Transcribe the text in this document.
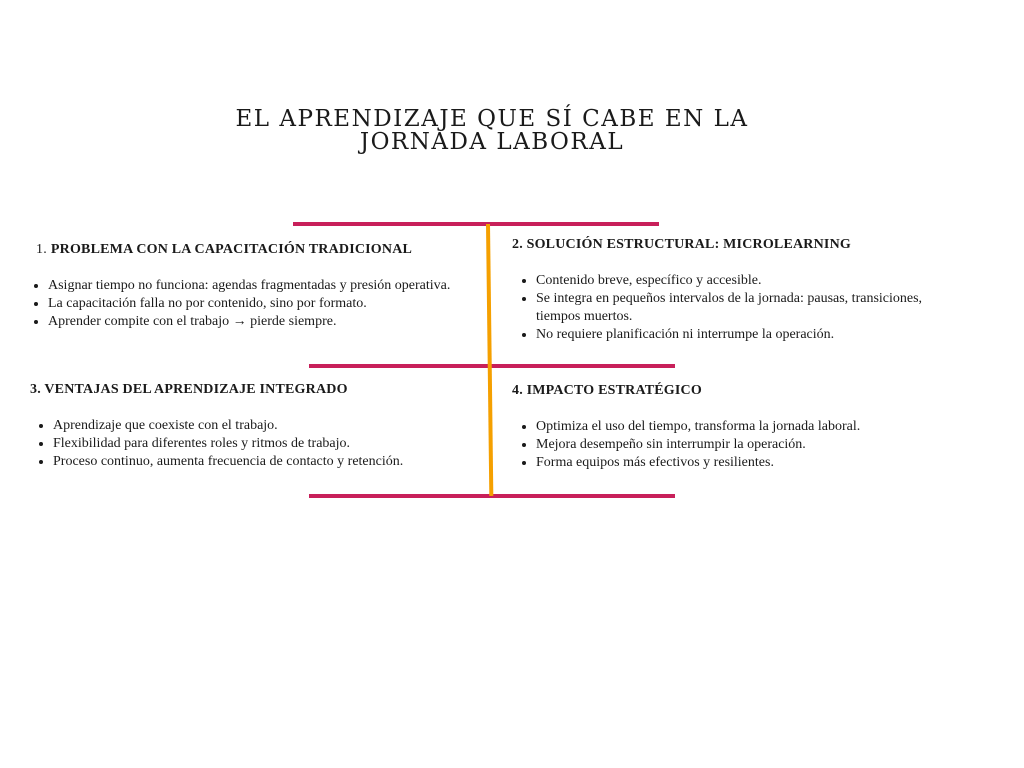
EL APRENDIZAJE QUE SÍ CABE EN LA
JORNADA LABORAL
1. PROBLEMA CON LA CAPACITACIÓN TRADICIONAL
• Asignar tiempo no funciona: agendas fragmentadas y presión operativa.
• La capacitación falla no por contenido, sino por formato.
• Aprender compite con el trabajo → pierde siempre.
2. SOLUCIÓN ESTRUCTURAL: MICROLEARNING
• Contenido breve, específico y accesible.
• Se integra en pequeños intervalos de la jornada: pausas, transiciones, tiempos muertos.
• No requiere planificación ni interrumpe la operación.
3. VENTAJAS DEL APRENDIZAJE INTEGRADO
• Aprendizaje que coexiste con el trabajo.
• Flexibilidad para diferentes roles y ritmos de trabajo.
• Proceso continuo, aumenta frecuencia de contacto y retención.
4. IMPACTO ESTRATÉGICO
• Optimiza el uso del tiempo, transforma la jornada laboral.
• Mejora desempeño sin interrumpir la operación.
• Forma equipos más efectivos y resilientes.
